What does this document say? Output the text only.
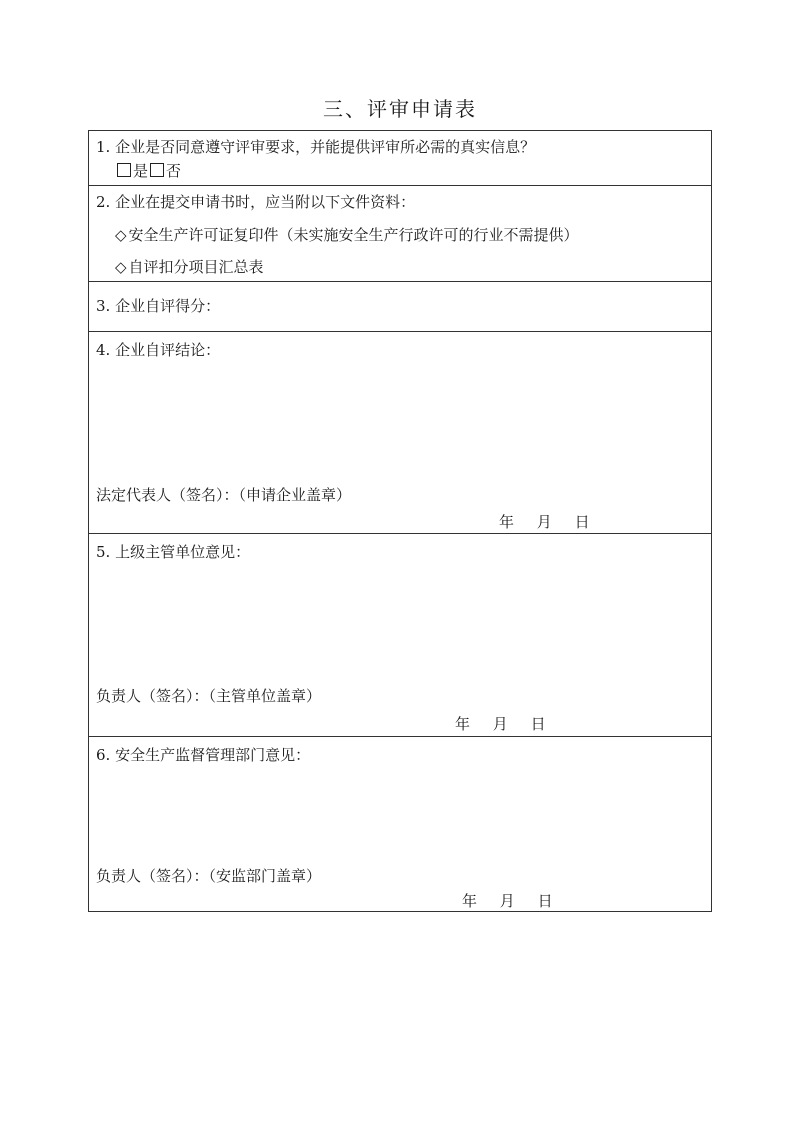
三、评审申请表
1. 企业是否同意遵守评审要求，并能提供评审所必需的真实信息？
是 否
2. 企业在提交申请书时，应当附以下文件资料：
◇ 安全生产许可证复印件（未实施安全生产行政许可的行业不需提供）
◇ 自评扣分项目汇总表
3. 企业自评得分：
4. 企业自评结论：
法定代表人（签名）：（申请企业盖章）
年 月 日
5. 上级主管单位意见：
负责人（签名）：（主管单位盖章）
年 月 日
6. 安全生产监督管理部门意见：
负责人（签名）：（安监部门盖章）
年 月 日
